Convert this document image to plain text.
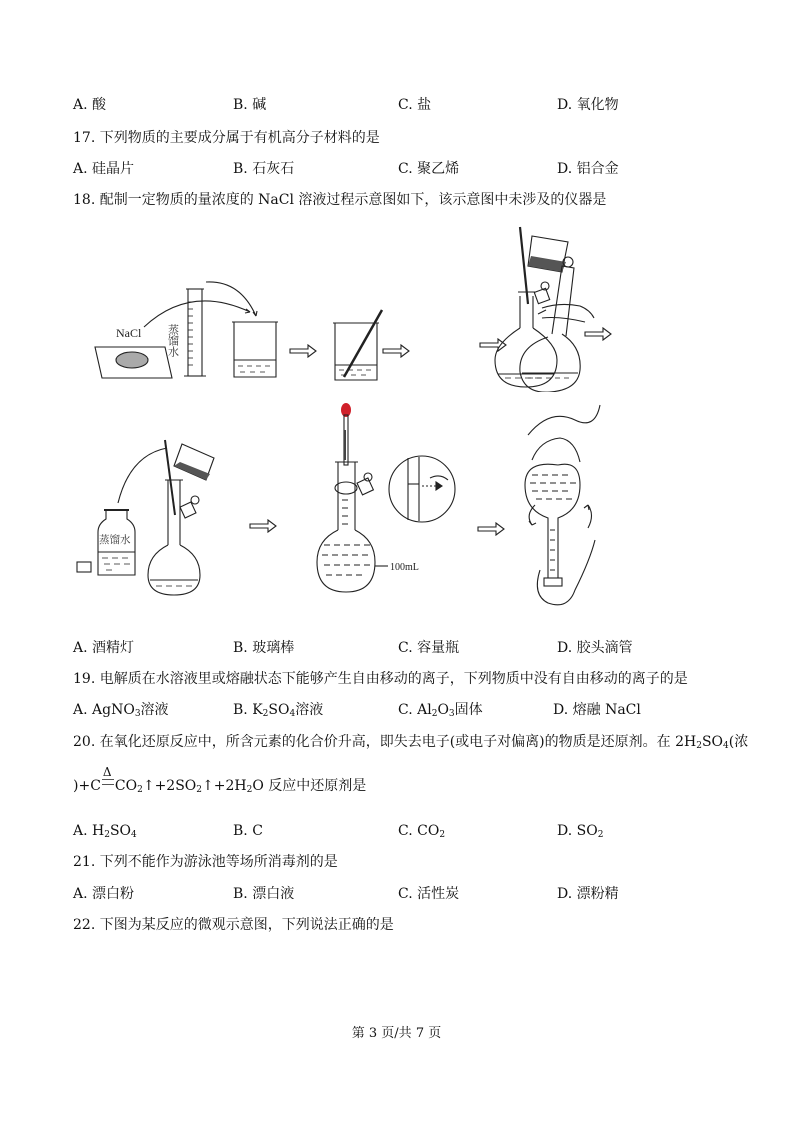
A. 酸	B. 碱	C. 盐	D. 氧化物
17. 下列物质的主要成分属于有机高分子材料的是
A. 硅晶片	B. 石灰石	C. 聚乙烯	D. 铝合金
18. 配制一定物质的量浓度的 NaCl 溶液过程示意图如下，该示意图中未涉及的仪器是
NaCl 蒸馏水
蒸馏水
100mL
A. 酒精灯	B. 玻璃棒	C. 容量瓶	D. 胶头滴管
19. 电解质在水溶液里或熔融状态下能够产生自由移动的离子，下列物质中没有自由移动的离子的是
A. AgNO$_3$溶液	B. $K_2SO_4$溶液	C. $Al_2O_3$固体	D. 熔融 NaCl
20. 在氧化还原反应中，所含元素的化合价升高，即失去电子(或电子对偏离)的物质是还原剂。在 $2H_2SO_4$(浓
)+C
Δ
$CO_2↑+2SO_2↑+2H_2O$ 反应中还原剂是
A. $H_2SO_4$	B. C	C. $CO_2$	D. $SO_2$
21. 下列不能作为游泳池等场所消毒剂的是
A. 漂白粉	B. 漂白液	C. 活性炭	D. 漂粉精
22. 下图为某反应的微观示意图，下列说法正确的是
第 3 页/共 7 页
